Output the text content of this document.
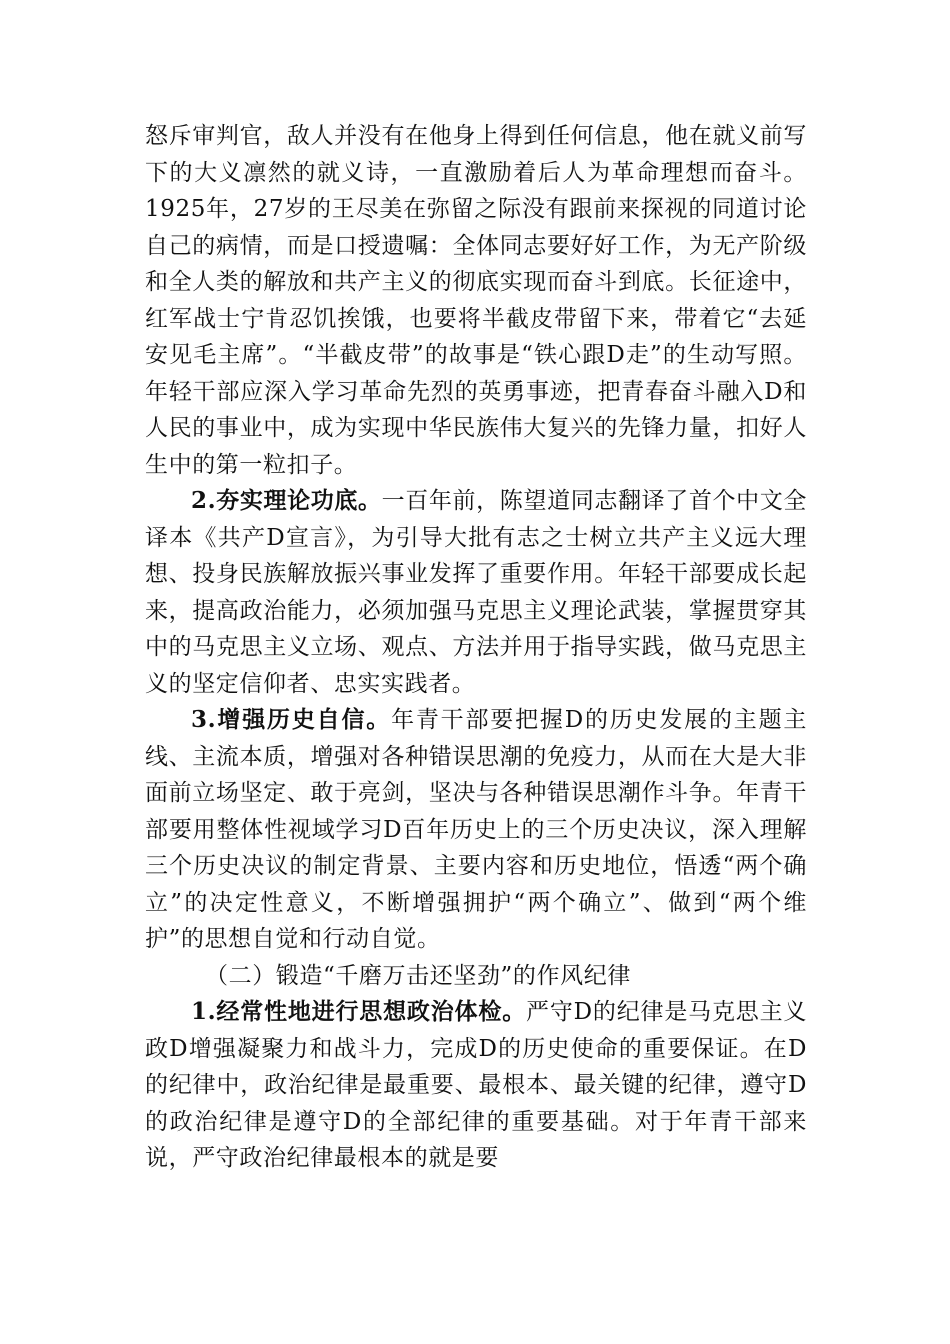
怒斥审判官，敌人并没有在他身上得到任何信息，他在就义前写下的大义凛然的就义诗，一直激励着后人为革命理想而奋斗。1925年，27岁的王尽美在弥留之际没有跟前来探视的同道讨论自己的病情，而是口授遗嘱：全体同志要好好工作，为无产阶级和全人类的解放和共产主义的彻底实现而奋斗到底。长征途中，红军战士宁肯忍饥挨饿，也要将半截皮带留下来，带着它“去延安见毛主席”。“半截皮带”的故事是“铁心跟D走”的生动写照。年轻干部应深入学习革命先烈的英勇事迹，把青春奋斗融入D和人民的事业中，成为实现中华民族伟大复兴的先锋力量，扣好人生中的第一粒扣子。

2.夯实理论功底。一百年前，陈望道同志翻译了首个中文全译本《共产D宣言》，为引导大批有志之士树立共产主义远大理想、投身民族解放振兴事业发挥了重要作用。年轻干部要成长起来，提高政治能力，必须加强马克思主义理论武装，掌握贯穿其中的马克思主义立场、观点、方法并用于指导实践，做马克思主义的坚定信仰者、忠实实践者。

3.增强历史自信。年青干部要把握D的历史发展的主题主线、主流本质，增强对各种错误思潮的免疫力，从而在大是大非面前立场坚定、敢于亮剑，坚决与各种错误思潮作斗争。年青干部要用整体性视域学习D百年历史上的三个历史决议，深入理解三个历史决议的制定背景、主要内容和历史地位，悟透“两个确立”的决定性意义，不断增强拥护“两个确立”、做到“两个维护”的思想自觉和行动自觉。

（二）锻造“千磨万击还坚劲”的作风纪律

1.经常性地进行思想政治体检。严守D的纪律是马克思主义政D增强凝聚力和战斗力，完成D的历史使命的重要保证。在D的纪律中，政治纪律是最重要、最根本、最关键的纪律，遵守D的政治纪律是遵守D的全部纪律的重要基础。对于年青干部来说，严守政治纪律最根本的就是要
